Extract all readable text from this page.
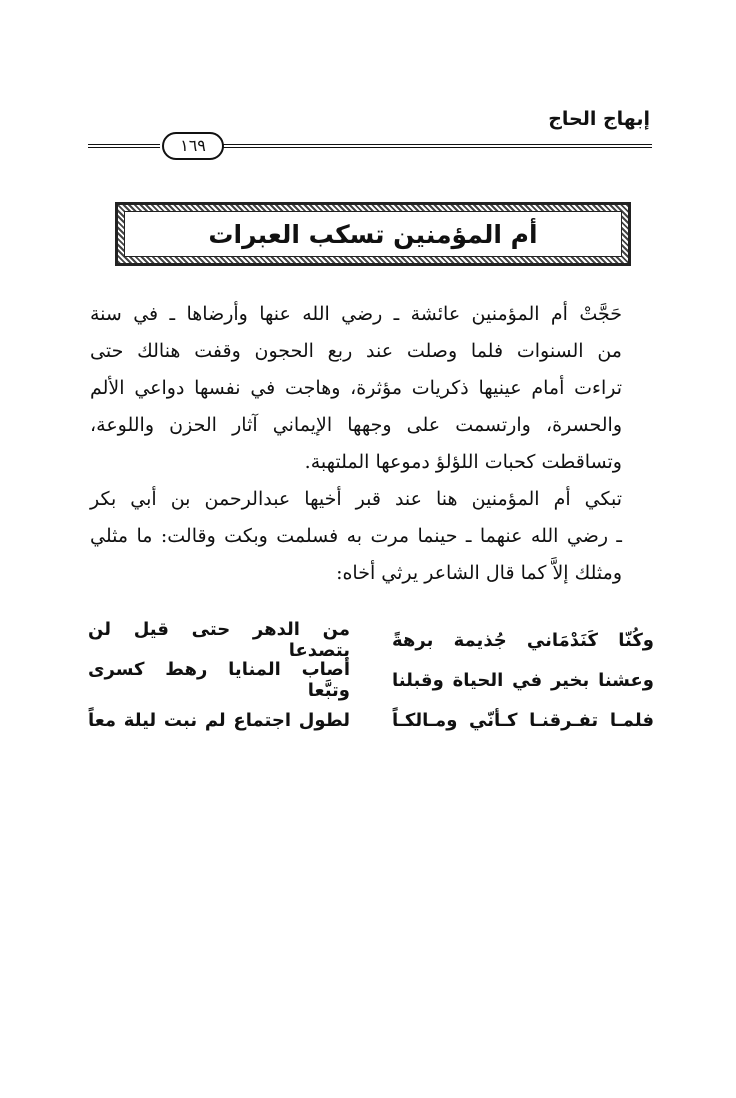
إبهاج الحاج
١٦٩
أم المؤمنين تسكب العبرات

حَجَّتْ أم المؤمنين عائشة ـ رضي الله عنها وأرضاها ـ في سنة
من السنوات فلما وصلت عند ربع الحجون وقفت هنالك حتى
تراءت أمام عينيها ذكريات مؤثرة، وهاجت في نفسها دواعي الألم
والحسرة، وارتسمت على وجهها الإيماني آثار الحزن واللوعة،
وتساقطت كحبات اللؤلؤ دموعها الملتهبة.

تبكي أم المؤمنين هنا عند قبر أخيها عبدالرحمن بن أبي بكر
ـ رضي الله عنهما ـ حينما مرت به فسلمت وبكت وقالت: ما مثلي
ومثلك إلاَّ كما قال الشاعر يرثي أخاه:

وكُنّا كَنَدْمَاني جُذيمة برهةً
من الدهر حتى قيل لن يتصدعا
وعشنا بخير في الحياة وقبلنا
أصاب المنايا رهط كسرى وتبَّعا
فلمـا تفـرقنـا كـأنّي ومـالكـاً
لطول اجتماع لم نبت ليلة معاً
